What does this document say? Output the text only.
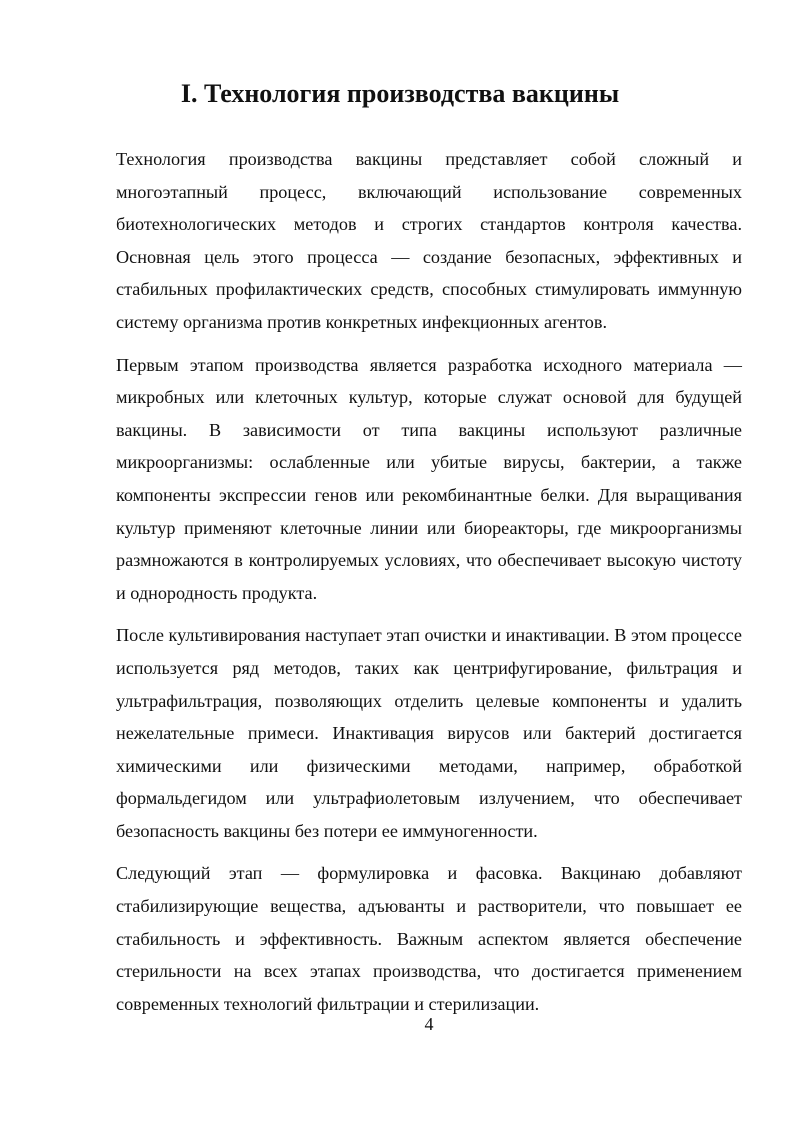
I. Технология производства вакцины

Технология производства вакцины представляет собой сложный и многоэтапный процесс, включающий использование современных биотехнологических методов и строгих стандартов контроля качества. Основная цель этого процесса — создание безопасных, эффективных и стабильных профилактических средств, способных стимулировать иммунную систему организма против конкретных инфекционных агентов.

Первым этапом производства является разработка исходного материала — микробных или клеточных культур, которые служат основой для будущей вакцины. В зависимости от типа вакцины используют различные микроорганизмы: ослабленные или убитые вирусы, бактерии, а также компоненты экспрессии генов или рекомбинантные белки. Для выращивания культур применяют клеточные линии или биореакторы, где микроорганизмы размножаются в контролируемых условиях, что обеспечивает высокую чистоту и однородность продукта.

После культивирования наступает этап очистки и инактивации. В этом процессе используется ряд методов, таких как центрифугирование, фильтрация и ультрафильтрация, позволяющих отделить целевые компоненты и удалить нежелательные примеси. Инактивация вирусов или бактерий достигается химическими или физическими методами, например, обработкой формальдегидом или ультрафиолетовым излучением, что обеспечивает безопасность вакцины без потери ее иммуногенности.

Следующий этап — формулировка и фасовка. Вакцинаю добавляют стабилизирующие вещества, адъюванты и растворители, что повышает ее стабильность и эффективность. Важным аспектом является обеспечение стерильности на всех этапах производства, что достигается применением современных технологий фильтрации и стерилизации.

4
